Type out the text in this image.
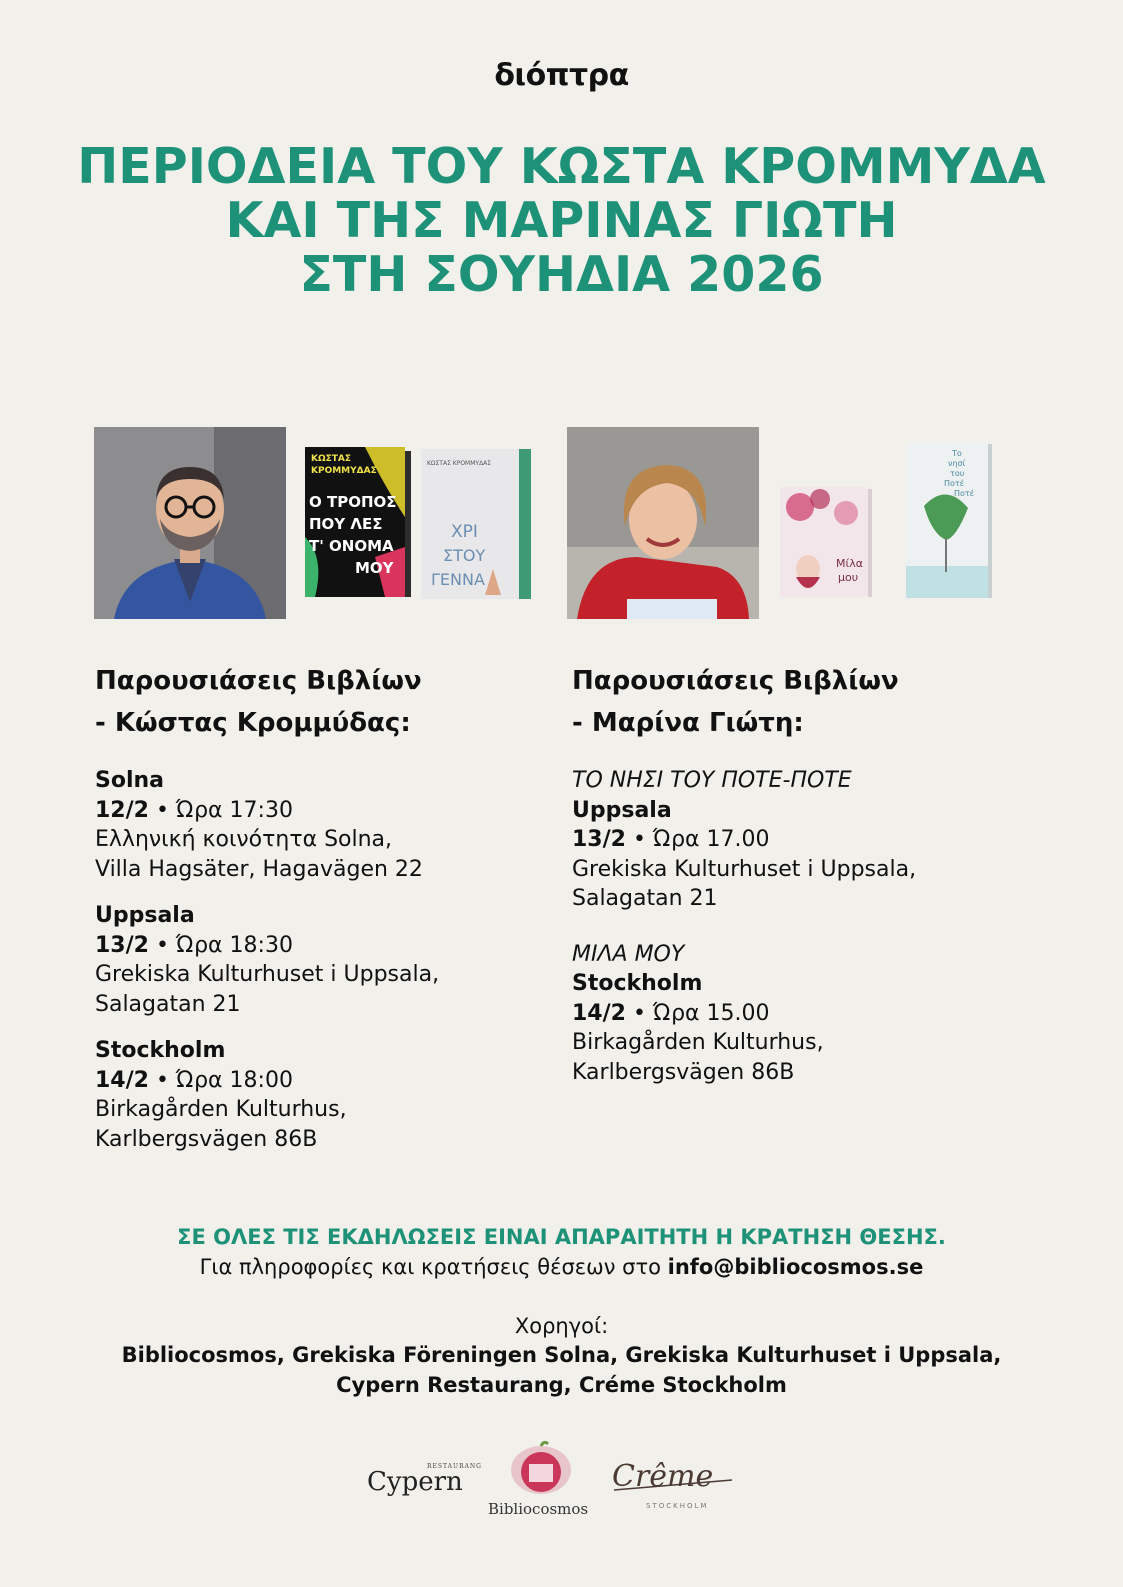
διόπτρα
ΠΕΡΙΟΔΕΙΑ ΤΟΥ ΚΩΣΤΑ ΚΡΟΜΜΥΔΑ
ΚΑΙ ΤΗΣ ΜΑΡΙΝΑΣ ΓΙΩΤΗ
ΣΤΗ ΣΟΥΗΔΙΑ 2026
ΚΩΣΤΑΣ
ΚΡΟΜΜΥΔΑΣ
Ο ΤΡΟΠΟΣ
ΠΟΥ ΛΕΣ
Τ' ΟΝΟΜΑ
ΜΟΥ
ΚΩΣΤΑΣ ΚΡΟΜΜΥΔΑΣ
ΧΡΙ
ΣΤΟΥ
ΓΕΝΝΑ
Μίλα
μου
Το
νησί
του
Ποτέ
Ποτέ
Παρουσιάσεις Βιβλίων
- Κώστας Κρομμύδας:
Solna
12/2 • Ώρα 17:30
Ελληνική κοινότητα Solna,
Villa Hagsäter, Hagavägen 22
Uppsala
13/2 • Ώρα 18:30
Grekiska Kulturhuset i Uppsala,
Salagatan 21
Stockholm
14/2 • Ώρα 18:00
Birkagården Kulturhus,
Karlbergsvägen 86B
Παρουσιάσεις Βιβλίων
- Μαρίνα Γιώτη:
ΤΟ ΝΗΣΙ ΤΟΥ ΠΟΤΕ-ΠΟΤΕ
Uppsala
13/2 • Ώρα 17.00
Grekiska Kulturhuset i Uppsala,
Salagatan 21
ΜΙΛΑ ΜΟΥ
Stockholm
14/2 • Ώρα 15.00
Birkagården Kulturhus,
Karlbergsvägen 86B
ΣΕ ΟΛΕΣ ΤΙΣ ΕΚΔΗΛΩΣΕΙΣ ΕΙΝΑΙ ΑΠΑΡΑΙΤΗΤΗ Η ΚΡΑΤΗΣΗ ΘΕΣΗΣ.
Για πληροφορίες και κρατήσεις θέσεων στο info@bibliocosmos.se
Χορηγοί:
Bibliocosmos, Grekiska Föreningen Solna, Grekiska Kulturhuset i Uppsala,
Cypern Restaurang, Créme Stockholm
RESTAURANG
Cypern
Bibliocosmos
Crême
STOCKHOLM
